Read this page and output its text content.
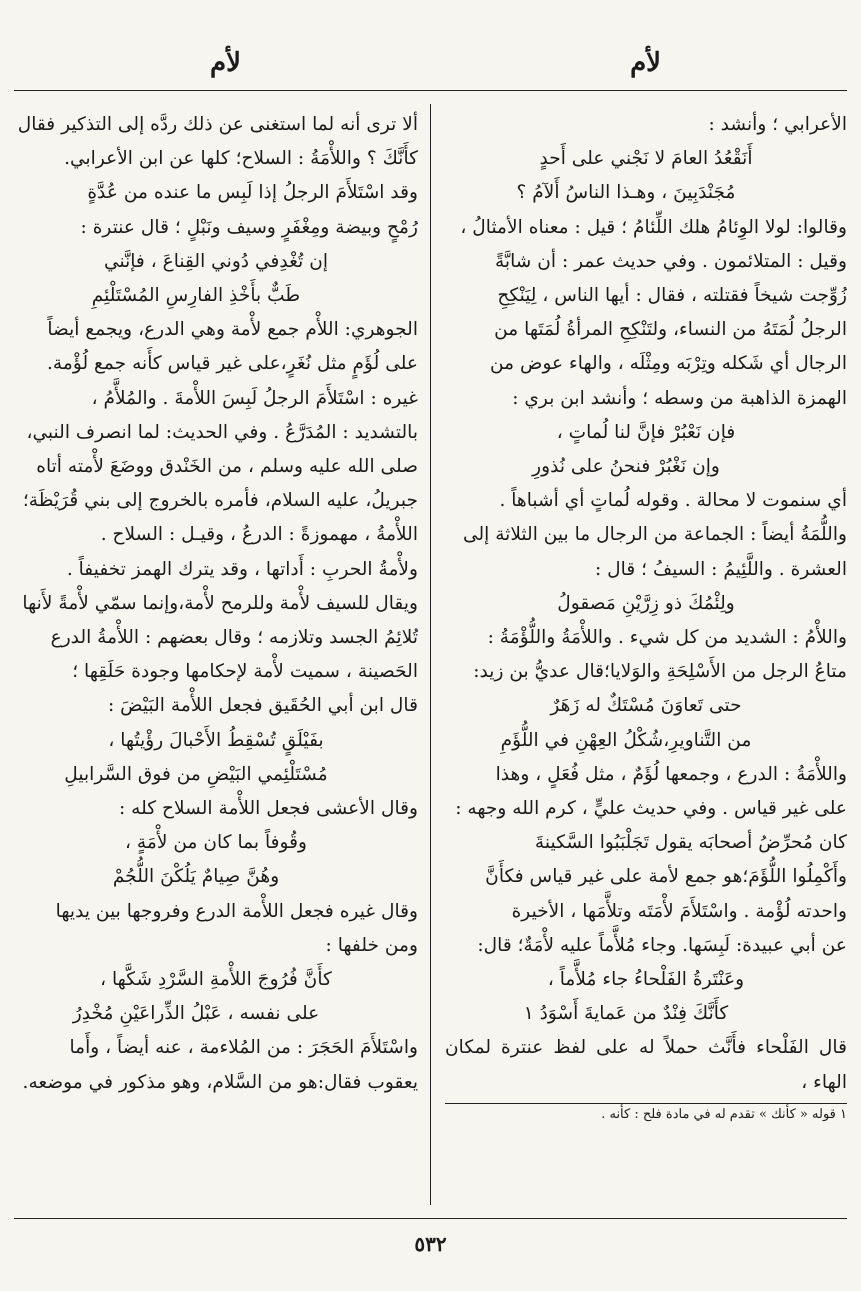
لأم
لأم

الأعرابي ؛ وأنشد :

أَنَقْعُدُ العامَ لا نَجْني على أَحدٍ

مُجَنْدَبِينَ ، وهـذا الناسُ أَلآمُ ؟

وقالوا: لولا الوِئامُ هلك اللِّئامُ ؛ قيل : معناه الأمثالُ ،

وقيل : المتلائمون . وفي حديث عمر : أن شابَّةً

زُوِّجت شيخاً فقتلته ، فقال : أيها الناس ، لِيَنْكِحِ

الرجلُ لُمَتَهُ من النساء، ولتَنْكِحِ المرأةُ لُمَتَها من

الرجال أي شَكله وتِرْبَه ومِثْلَه ، والهاء عوض من

الهمزة الذاهبة من وسطه ؛ وأنشد ابن بري :

فإن نَعْبُرْ فإنَّ لنا لُماتٍ ،

وإن نَغْبُرْ فنحنُ على نُذورِ

أي سنموت لا محالة . وقوله لُماتٍ أي أشباهاً .

واللُّمَةُ أيضاً : الجماعة من الرجال ما بين الثلاثة إلى

العشرة . واللَّئِيمُ : السيفُ ؛ قال :

ولِئْمُكَ ذو زِرَّيْنِ مَصقولُ

واللأْمُ : الشديد من كل شيء . واللأْمَةُ واللُّؤْمَةُ :

متاعُ الرجل من الأَسْلِحَةِ والوَلايا؛قال عديُّ بن زيد:

حتى تَعاوَنَ مُسْتَكٌ له زَهَرٌ

من التَّناويرِ،شُكْلُ العِهْنِ في اللُّؤَمِ

واللأْمَةُ : الدرع ، وجمعها لُؤَمٌ ، مثل فُعَلٍ ، وهذا

على غير قياس . وفي حديث عليٍّ ، كرم الله وجهه :

كان مُحرِّضُ أصحابَه يقول تَجَلْبَبُوا السَّكينةَ

وأَكْمِلُوا اللُّؤَمَ؛هو جمع لأمة على غير قياس فكأَنَّ

واحدته لُؤْمة . واسْتَلأَمَ لأْمَتَه وتلأَّمَها ، الأخيرة

عن أبي عبيدة: لَبِسَها. وجاء مُلأَّماً عليه لأْمَةٌ؛ قال:

وعَنْتَرةُ الفَلْحاءُ جاء مُلأَّماً ،

كأَنَّكَ فِنْدٌ من عَمايةَ أَسْوَدُ ١

قال الفَلْحاء فأَنَّث حملاً له على لفظ عنترة لمكان الهاء ،

١ قوله « كأنك » تقدم له في مادة فلح : كأنه .

ألا ترى أنه لما استغنى عن ذلك ردَّه إلى التذكير فقال

كأَنَّكَ ؟ واللأْمَةُ : السلاح؛ كلها عن ابن الأعرابي.

وقد اسْتَلأَمَ الرجلُ إذا لَبِس ما عنده من عُدَّةٍ

رُمْحٍ وبيضة ومِغْفَرٍ وسيف ونَبْلٍ ؛ قال عنترة :

إن تُغْدِفي دُوني القِناعَ ، فإنَّني

طَبٌّ بأَخْذِ الفارِسِ المُسْتَلْئِمِ

الجوهري: اللأْم جمع لأْمة وهي الدرع، ويجمع أيضاً

على لُؤَمٍ مثل نُغَرٍ،على غير قياس كأَنه جمع لُؤْمة.

غيره : اسْتَلأَمَ الرجلُ لَبِسَ اللأْمةَ . والمُلأَّمُ ،

بالتشديد : المُدَرَّعُ . وفي الحديث: لما انصرف النبي،

صلى الله عليه وسلم ، من الخَنْدق ووضَعَ لأْمته أتاه

جبريلُ، عليه السلام، فأمره بالخروج إلى بني قُرَيْظَة؛

اللأْمةُ ، مهموزةً : الدرعُ ، وقيـل : السلاح .

ولأْمةُ الحربِ : أَداتها ، وقد يترك الهمز تخفيفاً .

ويقال للسيف لأْمة وللرمح لأْمة،وإنما سمّي لأْمةً لأَنها

تُلائِمُ الجسد وتلازمه ؛ وقال بعضهم : اللأْمةُ الدرع

الحَصينة ، سميت لأْمة لإحكامها وجودة حَلَقِها ؛

قال ابن أبي الحُقَيق فجعل اللأْمة البَيْضَ :

بفَيْلَقٍ تُسْقِطُ الأَحْبالَ رؤْيتُها ،

مُسْتَلْئِمي البَيْضِ من فوق السَّرابيلِ

وقال الأعشى فجعل اللأْمة السلاح كله :

وقُوفاً بما كان من لأْمَةٍ ،

وهُنَّ صِيامٌ يَلُكْنَ اللُّجُمْ

وقال غيره فجعل اللأْمة الدرع وفروجها بين يديها

ومن خلفها :

كأَنَّ فُرُوجَ اللأْمةِ السَّرْدِ شَكَّها ،

على نفسه ، عَبْلُ الذِّراعَيْنِ مُخْدِرُ

واسْتَلأَمَ الحَجَرَ : من المُلاءمة ، عنه أيضاً ، وأَما

يعقوب فقال:هو من السَّلام، وهو مذكور في موضعه.

٥٣٢
